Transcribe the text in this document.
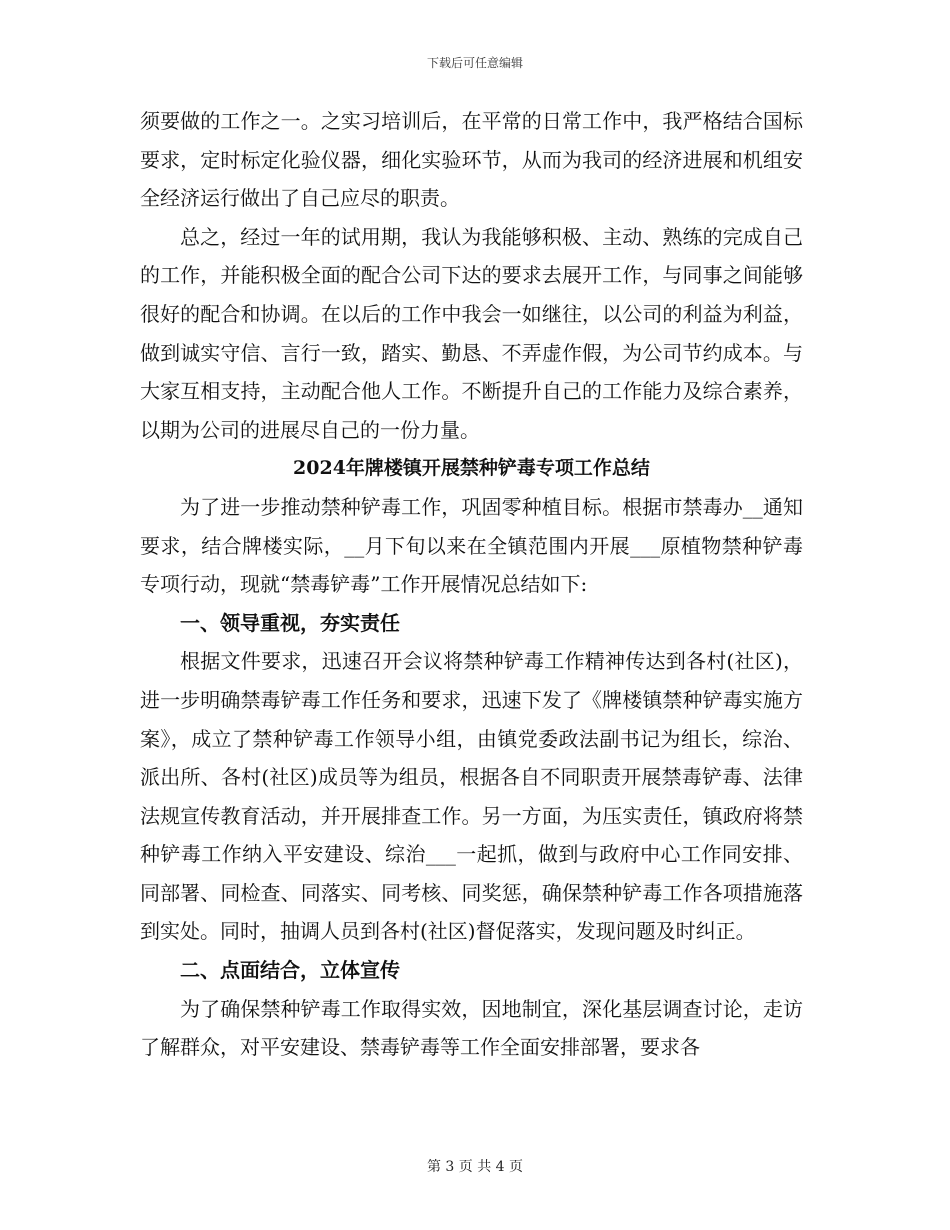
下载后可任意编辑

须要做的工作之一。之实习培训后，在平常的日常工作中，我严格结合国标要求，定时标定化验仪器，细化实验环节，从而为我司的经济进展和机组安全经济运行做出了自己应尽的职责。

总之，经过一年的试用期，我认为我能够积极、主动、熟练的完成自己的工作，并能积极全面的配合公司下达的要求去展开工作，与同事之间能够很好的配合和协调。在以后的工作中我会一如继往，以公司的利益为利益，做到诚实守信、言行一致，踏实、勤恳、不弄虚作假，为公司节约成本。与大家互相支持，主动配合他人工作。不断提升自己的工作能力及综合素养，以期为公司的进展尽自己的一份力量。

2024年牌楼镇开展禁种铲毒专项工作总结

为了进一步推动禁种铲毒工作，巩固零种植目标。根据市禁毒办__通知要求，结合牌楼实际，__月下旬以来在全镇范围内开展___原植物禁种铲毒专项行动，现就“禁毒铲毒”工作开展情况总结如下:

一、领导重视，夯实责任

根据文件要求，迅速召开会议将禁种铲毒工作精神传达到各村(社区)，进一步明确禁毒铲毒工作任务和要求，迅速下发了《牌楼镇禁种铲毒实施方案》，成立了禁种铲毒工作领导小组，由镇党委政法副书记为组长，综治、派出所、各村(社区)成员等为组员，根据各自不同职责开展禁毒铲毒、法律法规宣传教育活动，并开展排查工作。另一方面，为压实责任，镇政府将禁种铲毒工作纳入平安建设、综治___一起抓，做到与政府中心工作同安排、同部署、同检查、同落实、同考核、同奖惩，确保禁种铲毒工作各项措施落到实处。同时，抽调人员到各村(社区)督促落实，发现问题及时纠正。

二、点面结合，立体宣传

为了确保禁种铲毒工作取得实效，因地制宜，深化基层调查讨论，走访了解群众，对平安建设、禁毒铲毒等工作全面安排部署，要求各

第 3 页 共 4 页
